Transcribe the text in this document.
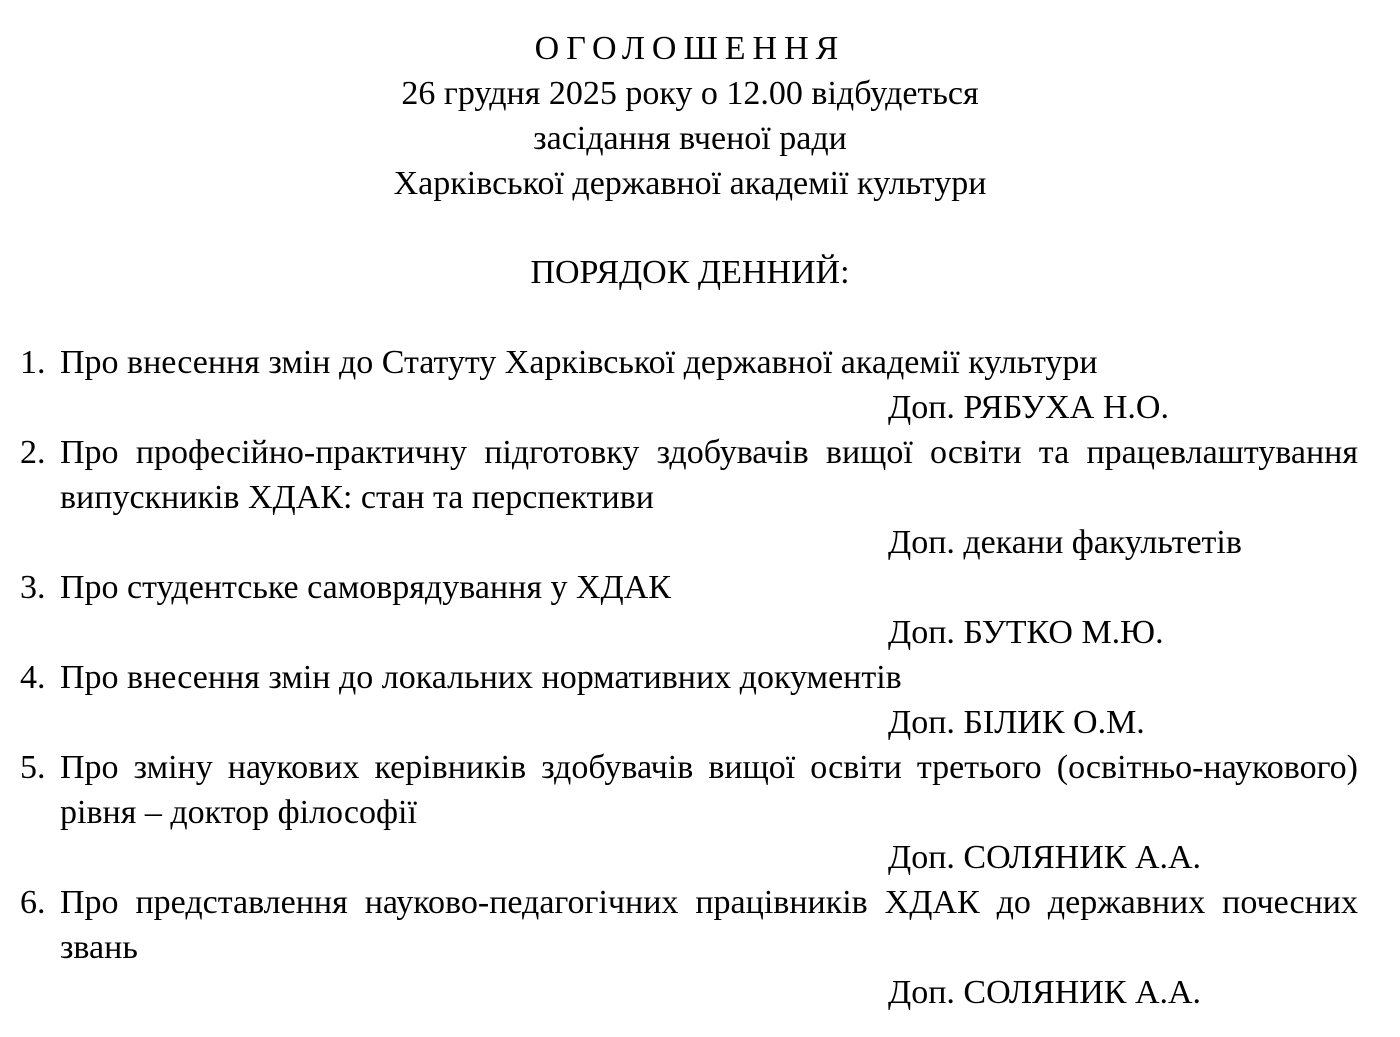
ОГОЛОШЕННЯ
26 грудня 2025 року о 12.00 відбудеться
засідання вченої ради
Харківської державної академії культури
ПОРЯДОК ДЕННИЙ:
1. Про внесення змін до Статуту Харківської державної академії культури
Доп. РЯБУХА Н.О.
2. Про професійно-практичну підготовку здобувачів вищої освіти та працевлаштування випускників ХДАК: стан та перспективи
Доп. декани факультетів
3. Про студентське самоврядування у ХДАК
Доп. БУТКО М.Ю.
4. Про внесення змін до локальних нормативних документів
Доп. БІЛИК О.М.
5. Про зміну наукових керівників здобувачів вищої освіти третього (освітньо-наукового) рівня – доктор філософії
Доп. СОЛЯНИК А.А.
6. Про представлення науково-педагогічних працівників ХДАК до державних почесних звань
Доп. СОЛЯНИК А.А.
